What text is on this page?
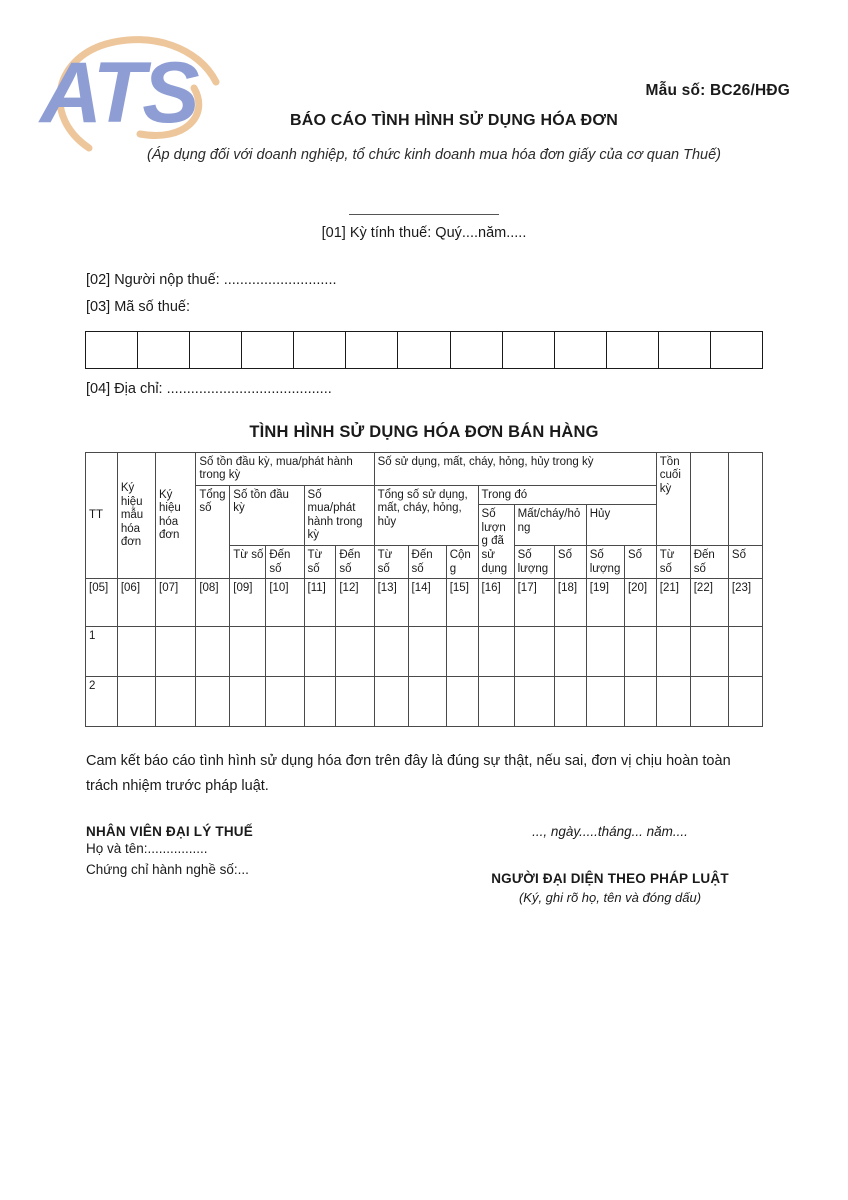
ATS	Mẫu số: BC26/HĐG
BÁO CÁO TÌNH HÌNH SỬ DỤNG HÓA ĐƠN
(Áp dụng đối với doanh nghiệp, tổ chức kinh doanh mua hóa đơn giấy của cơ quan Thuế)
[01] Kỳ tính thuế: Quý....năm.....
[02] Người nộp thuế: ............................
[03] Mã số thuế:
[04] Địa chỉ: .........................................
TÌNH HÌNH SỬ DỤNG HÓA ĐƠN BÁN HÀNG
TT	Ký hiệu mẫu hóa đơn	Ký hiệu hóa đơn	Số tồn đầu kỳ, mua/phát hành trong kỳ					Số sử dụng, mất, cháy, hỏng, hủy trong kỳ								Tồn cuối kỳ		
			Tổng số	Số tồn đầu kỳ		Số mua/phát hành trong kỳ		Tổng số sử dụng, mất, cháy, hỏng, hủy			Trong đó							
											Số lượng đã sử dụng	Mất/cháy/hỏng		Hủy				
				Từ số	Đến số	Từ số	Đến số	Từ số	Đến số	Cộng		Số lượng	Số	Số lượng	Số	Từ số	Đến số	Số
[05]	[06]	[07]	[08]	[09]	[10]	[11]	[12]	[13]	[14]	[15]	[16]	[17]	[18]	[19]	[20]	[21]	[22]	[23]
1																		
2																		
Cam kết báo cáo tình hình sử dụng hóa đơn trên đây là đúng sự thật, nếu sai, đơn vị chịu hoàn toàn trách nhiệm trước pháp luật.
NHÂN VIÊN ĐẠI LÝ THUẾ
Họ và tên:................
Chứng chỉ hành nghề số:...
..., ngày.....tháng... năm....
NGƯỜI ĐẠI DIỆN THEO PHÁP LUẬT
(Ký, ghi rõ họ, tên và đóng dấu)
